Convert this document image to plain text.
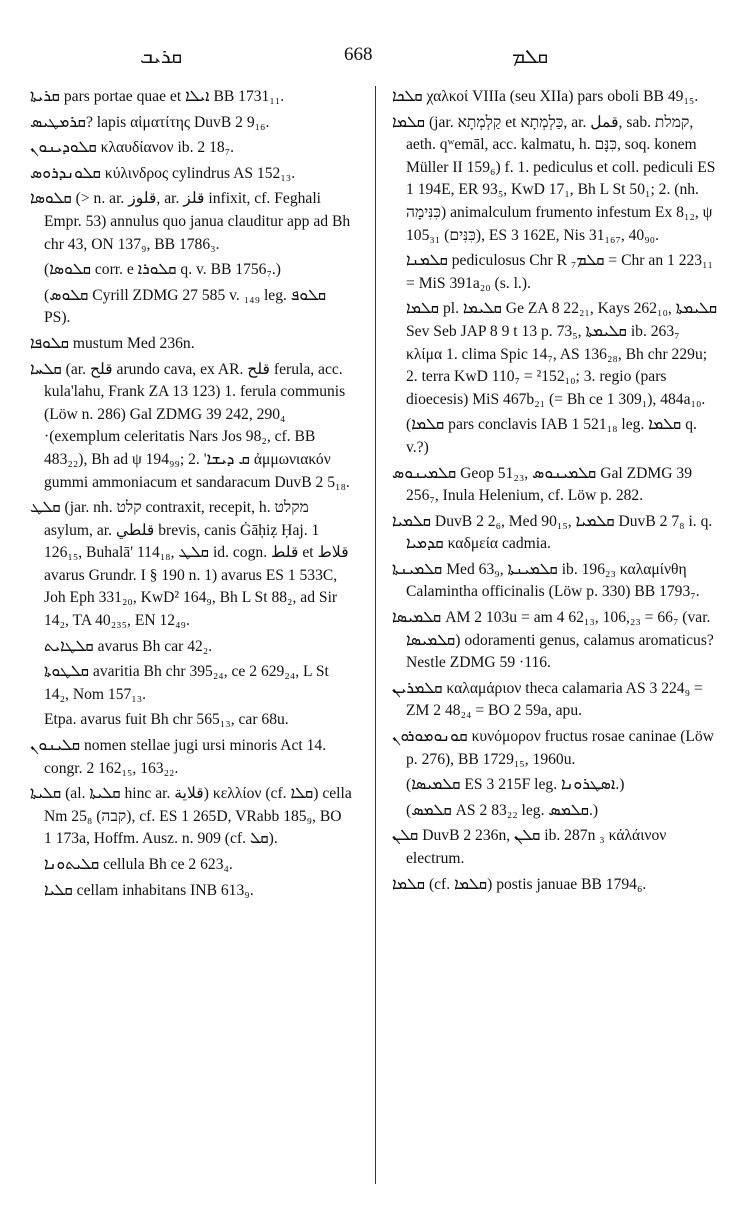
ܩܪܝܒ	668	ܩܠܡ

ܩܪܝܬܐ pars portae quae et ܐܝܠܐ BB 1731₁₁.

ܩܪܡܛܝܣ? lapis αἱματίτης DuvB 2 9₁₆.

ܩܠܘܕܝܢܘܢ κλαυδίανον ib. 2 18₇.

ܩܠܘܢܕܪܘܣ κύλινδρος cylindrus AS 152₁₃.

ܩܠܘܣܐ (> n. ar. قلوز, ar. قلز infixit, cf. Feghali Empr. 53) annulus quo janua clauditur app ad Bh chr 43, ON 137₉, BB 1786₃.

(ܩܠܘܣܐ corr. e ܩܠܘܪܐ q. v. BB 1756₇.)

(ܩܠܘܣ Cyrill ZDMG 27 585 v. ₁₄₉ leg. ܩܠܘܦ PS).

ܩܠܘܦܐ mustum Med 236n.

ܩܠܚܐ (ar. قلح arundo cava, ex AR. قلح ferula, acc. kula'lahu, Frank ZA 13 123) 1. ferula communis (Löw n. 286) Gal ZDMG 39 242, 290₄ ·(exemplum celeritatis Nars Jos 98₂, cf. BB 483₂₂), Bh ad ψ 194₉₉; 2. 'ܩ ܕܝܫܐ ἀμμωνιακόν gummi ammoniacum et sandaracum DuvB 2 5₁₈.

ܩܠܛ (jar. nh. קלט contraxit, recepit, h. מקלט asylum, ar. قلطي brevis, canis Ġāḥiẓ Ḥaj. 1 126₁₅, Buhalā' 114₁₈, ܩܠܛ id. cogn. قلط et قلاط avarus Grundr. I § 190 n. 1) avarus ES 1 533C, Joh Eph 331₂₀, KwD² 164₉, Bh L St 88₂, ad Sir 14₂, TA 40₂₃₅, EN 12₄₉.

ܩܠܛܐܝܬ avarus Bh car 42₂.

ܩܠܛܘܬܐ avaritia Bh chr 395₂₄, ce 2 629₂₄, L St 14₂, Nom 157₁₃.

Etpa. avarus fuit Bh chr 565₁₃, car 68u.

ܩܠܝܢܘܢ nomen stellae jugi ursi minoris Act 14. congr. 2 162₁₅, 163₂₂.

ܩܠܝܬܐ (al. ܩܠܝܬܐ hinc ar. قلاية) κελλίον (cf. ܩܠܐ) cella Nm 25₈ (קבה), cf. ES 1 265D, VRabb 185₉, BO 1 173a, Hoffm. Ausz. n. 909 (cf. ܩܠ).

ܩܠܝܬܘܢܐ cellula Bh ce 2 623₄.

ܩܠܝܐ cellam inhabitans INB 613₉.

ܩܠܟܐ χαλκοί VIIIa (seu XIIa) pars oboli BB 49₁₅.

ܩܠܡܐ (jar. קַלְמְתָא et כַּלְמְתָא, ar. قمل, sab. קמלת, aeth. qʷemāl, acc. kalmatu, h. כִּנָּם, soq. konem Müller II 159₆) f. 1. pediculus et coll. pediculi ES 1 194E, ER 93₅, KwD 17₁, Bh L St 50₁; 2. (nh. כִּנִּימָה) animalculum frumento infestum Ex 8₁₂, ψ 105₃₁ (כִּנִּים), ES 3 162E, Nis 31₁₆₇, 40₉₀.

ܩܠܡܢܐ pediculosus Chr R ܩܠܡ₇ = Chr an 1 223₁₁ = MiS 391a₂₀ (s. l.).

ܩܠܡܐ pl. ܩܠܝܡܐ Ge ZA 8 22₂₁, Kays 262₁₀, ܩܠܝܡܬܐ Sev Seb JAP 8 9 t 13 p. 73₅, ܩܠܝܡܬܐ ib. 263₇ κλίμα 1. clima Spic 14₇, AS 136₂₈, Bh chr 229u; 2. terra KwD 110₇ = ²152₁₀; 3. regio (pars dioecesis) MiS 467b₂₁ (= Bh ce 1 309₁), 484a₁₀.

(ܩܠܡܐ pars conclavis IAB 1 521₁₈ leg. ܩܠܡܐ q. v.?)

ܩܠܡܝܢܘܣ Geop 51₂₃, ܩܠܡܝܢܘܣ Gal ZDMG 39 256₇, Inula Helenium, cf. Löw p. 282.

ܩܠܡܝܐ DuvB 2 2₆, Med 90₁₅, ܩܠܡܝܐ DuvB 2 7₈ i. q. ܩܕܡܝܐ καδμεία cadmia.

ܩܠܡܝܢܬܐ Med 63₉, ܩܠܡܝܢܬܐ ib. 196₂₃ καλαμίνθη Calamintha officinalis (Löw p. 330) BB 1793₇.

ܩܠܡܝܣܐ AM 2 103u = am 4 62₁₃, 106,₂₃ = 66₇ (var. ܩܠܡܝܣܐ) odoramenti genus, calamus aromaticus? Nestle ZDMG 59 ·116.

ܩܠܡܪܝܢ καλαμάριον theca calamaria AS 3 224₉ = ZM 2 48₂₄ = BO 2 59a, apu.

ܩܘܢܘܡܘܪܘܢ κυνόμορον fructus rosae caninae (Löw p. 276), BB 1729₁₅, 1960u.

(ܩܠܡܝܣܐ ES 3 215F leg. ܐܣܛܪܘܢܐ.)

(ܩܠܡܣ AS 2 83₂₂ leg. ܩܠܡܣ.)

ܩܠܢ DuvB 2 236n, ܩܠܢ ib. 287n ₃ κάλάινον electrum.

ܩܠܡܐ (cf. ܩܠܡܐ) postis januae BB 1794₆.
